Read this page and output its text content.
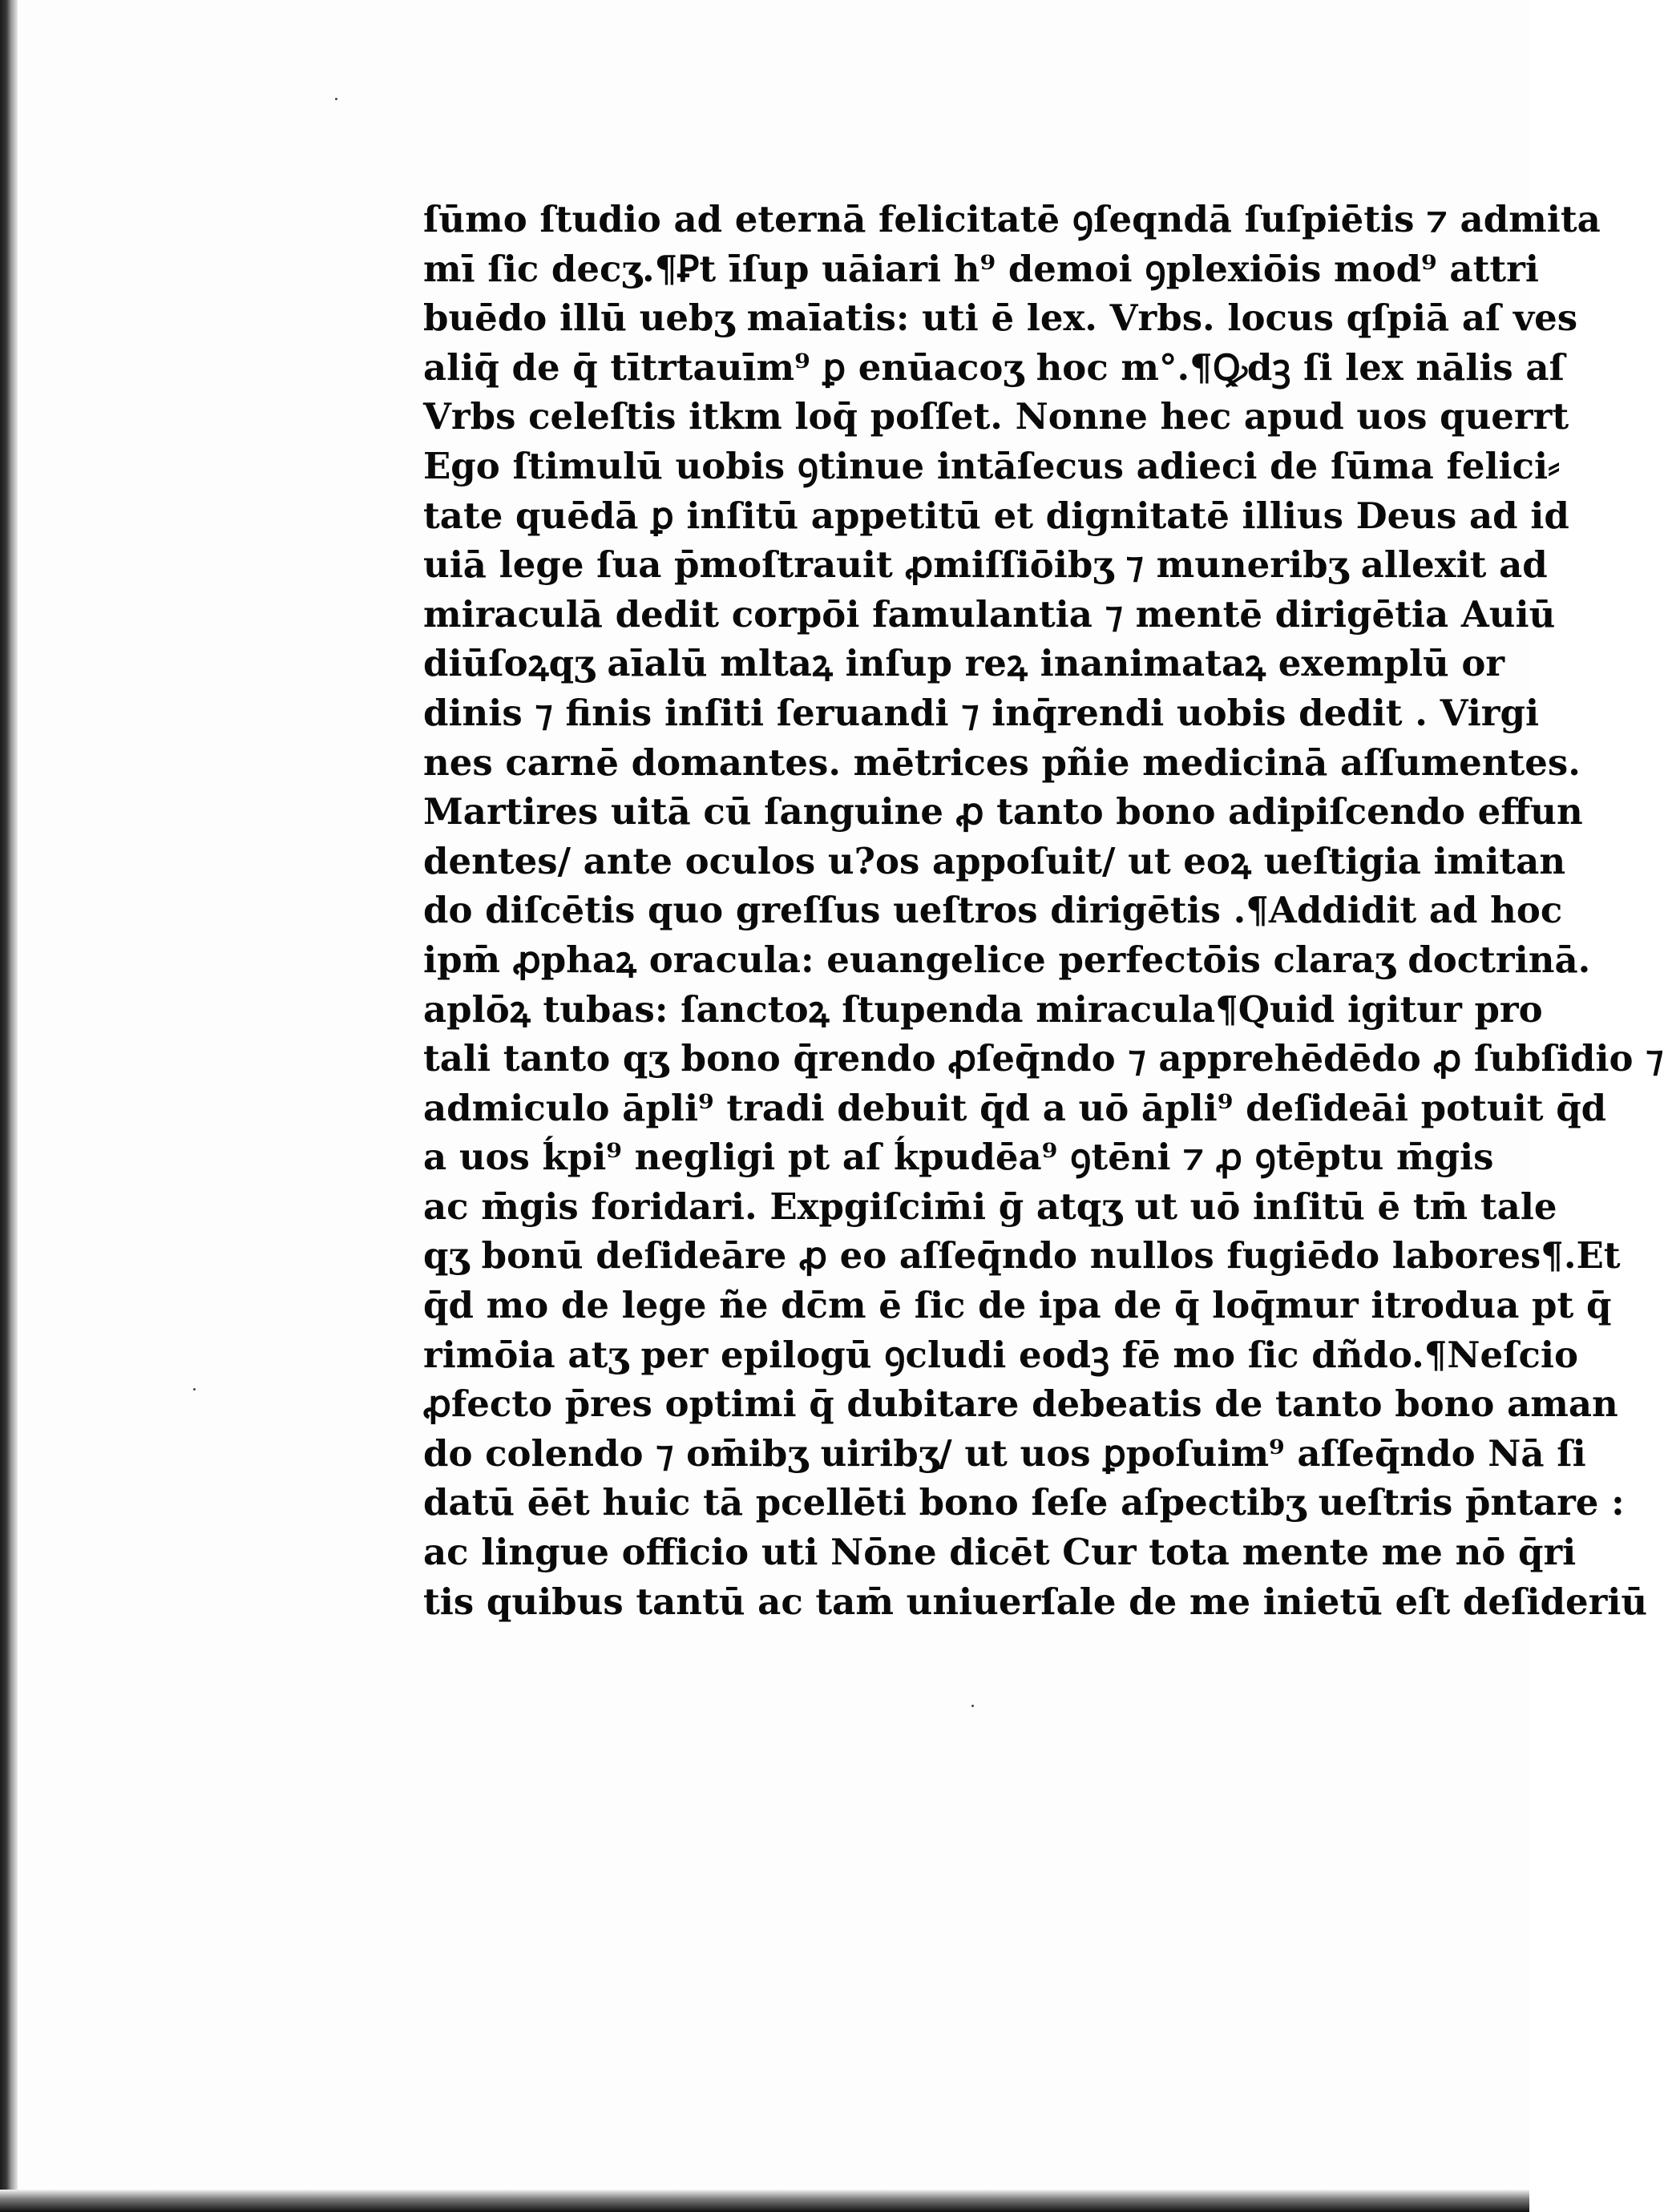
ſūmo ſtudio ad eternā felicitatē ꝯſeqndā ſuſpiētis ⁊ admita
mī ſic decʒ.¶Ꝑt īſup uāiari h⁹ demoi ꝯplexiōis mod⁹ attri
buēdo illū uebʒ maīatis: uti ē lex. Vrbs. locus qſpiā aſ ves
aliq̄ de q̄ tītrtauīm⁹ ꝑ enūacoʒ hoc m°.¶Ꝙdꝫ ſi lex nālis aſ
Vrbs celeſtis itkm loq̄ poſſet. Nonne hec apud uos querrt
Ego ſtimulū uobis ꝯtinue intāſecus adieci de ſūma felici⸗
tate quēdā ꝑ inſitū appetitū et dignitatē illius Deus ad id
uiā lege ſua p̄moſtrauit ꝓmiſſiōibʒ ⁊ muneribʒ allexit ad
miraculā dedit corpōi famulantia ⁊ mentē dirigētia Auiū
diūſoꝝqʒ aīalū mltaꝝ inſup reꝝ inanimataꝝ exemplū or
dinis ⁊ finis inſiti ſeruandi ⁊ inq̄rendi uobis dedit . Virgi
nes carnē domantes. mētrices pñie medicinā aſſumentes.
Martires uitā cū ſanguine ꝓ tanto bono adipiſcendo effun
dentes/ ante oculos u?os appoſuit/ ut eoꝝ ueſtigia imitan
do diſcētis quo greſſus ueſtros dirigētis .¶Addidit ad hoc
ipm̄ ꝓphaꝝ oracula: euangelice perfectōis claraʒ doctrinā.
aplōꝝ tubas: ſanctoꝝ ſtupenda miracula¶Quid igitur pro
tali tanto qʒ bono q̄rendo ꝓſeq̄ndo ⁊ apprehēdēdo ꝓ ſubſidio ⁊
admiculo āpli⁹ tradi debuit q̄d a uō āpli⁹ deſideāi potuit q̄d
a uos ḱpi⁹ negligi pt aſ ḱpudēa⁹ ꝯtēni ⁊ ꝓ ꝯtēptu m̄gis
ac m̄gis foridari. Expgiſcim̄i ḡ atqʒ ut uō inſitū ē tm̄ tale
qʒ bonū deſideāre ꝓ eo aſſeq̄ndo nullos fugiēdo labores¶.Et
q̄d mo de lege ñe dc̄m ē ſic de ipa de q̄ loq̄mur itrodua pt q̄
rimōia atʒ per epilogū ꝯcludi eodꝫ fē mo ſic dñdo.¶Neſcio
ꝓfecto p̄res optimi q̄ dubitare debeatis de tanto bono aman
do colendo ⁊ om̄ibʒ uiribʒ/ ut uos ꝑpoſuim⁹ aſſeq̄ndo Nā ſi
datū ēēt huic tā pcellēti bono ſeſe aſpectibʒ ueſtris p̄ntare :
ac lingue officio uti Nōne dicēt Cur tota mente me nō q̄ri
tis quibus tantū ac tam̄ uniuerſale de me inietū eſt deſideriū
